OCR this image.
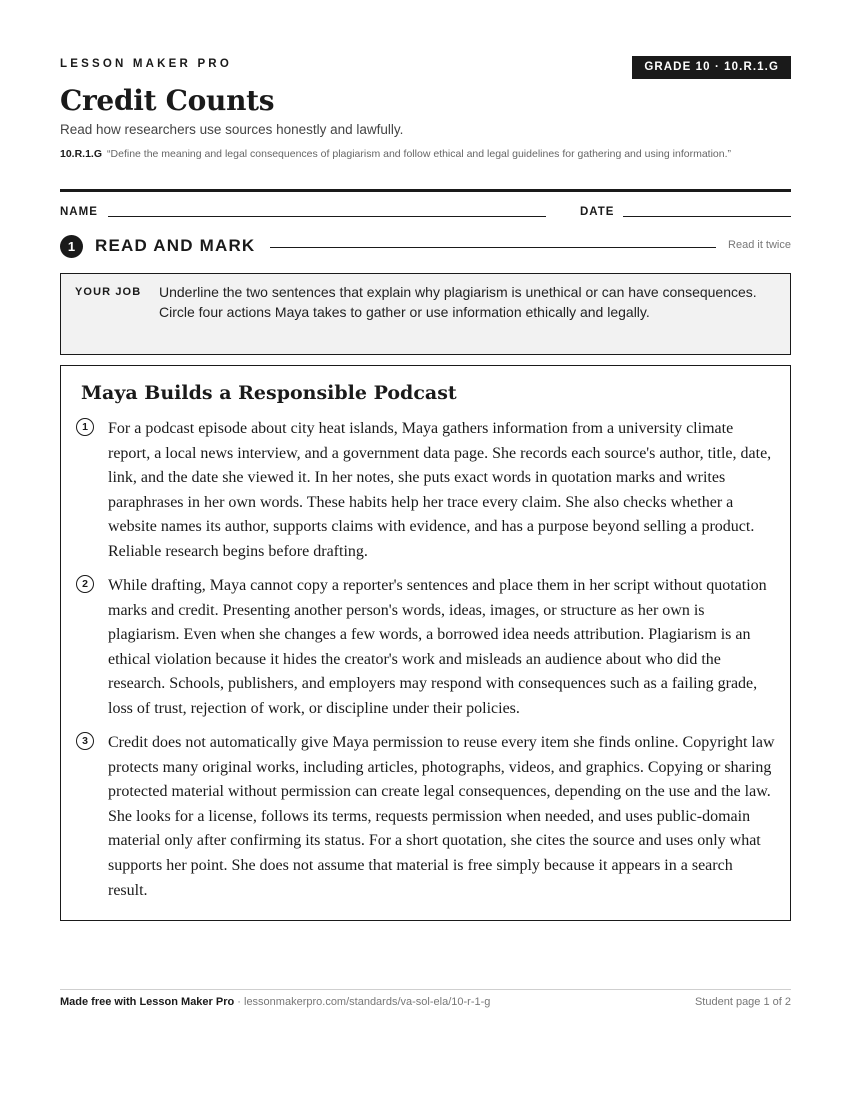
LESSON MAKER PRO	GRADE 10 · 10.R.1.G
Credit Counts
Read how researchers use sources honestly and lawfully.
10.R.1.G “Define the meaning and legal consequences of plagiarism and follow ethical and legal guidelines for gathering and using information.”
NAME	DATE
1	READ AND MARK	Read it twice
YOUR JOB Underline the two sentences that explain why plagiarism is unethical or can have consequences. Circle four actions Maya takes to gather or use information ethically and legally.
Maya Builds a Responsible Podcast
1	For a podcast episode about city heat islands, Maya gathers information from a university climate report, a local news interview, and a government data page. She records each source's author, title, date, link, and the date she viewed it. In her notes, she puts exact words in quotation marks and writes paraphrases in her own words. These habits help her trace every claim. She also checks whether a website names its author, supports claims with evidence, and has a purpose beyond selling a product. Reliable research begins before drafting.
2	While drafting, Maya cannot copy a reporter's sentences and place them in her script without quotation marks and credit. Presenting another person's words, ideas, images, or structure as her own is plagiarism. Even when she changes a few words, a borrowed idea needs attribution. Plagiarism is an ethical violation because it hides the creator's work and misleads an audience about who did the research. Schools, publishers, and employers may respond with consequences such as a failing grade, loss of trust, rejection of work, or discipline under their policies.
3	Credit does not automatically give Maya permission to reuse every item she finds online. Copyright law protects many original works, including articles, photographs, videos, and graphics. Copying or sharing protected material without permission can create legal consequences, depending on the use and the law. She looks for a license, follows its terms, requests permission when needed, and uses public-domain material only after confirming its status. For a short quotation, she cites the source and uses only what supports her point. She does not assume that material is free simply because it appears in a search result.
Made free with Lesson Maker Pro · lessonmakerpro.com/standards/va-sol-ela/10-r-1-g	Student page 1 of 2
